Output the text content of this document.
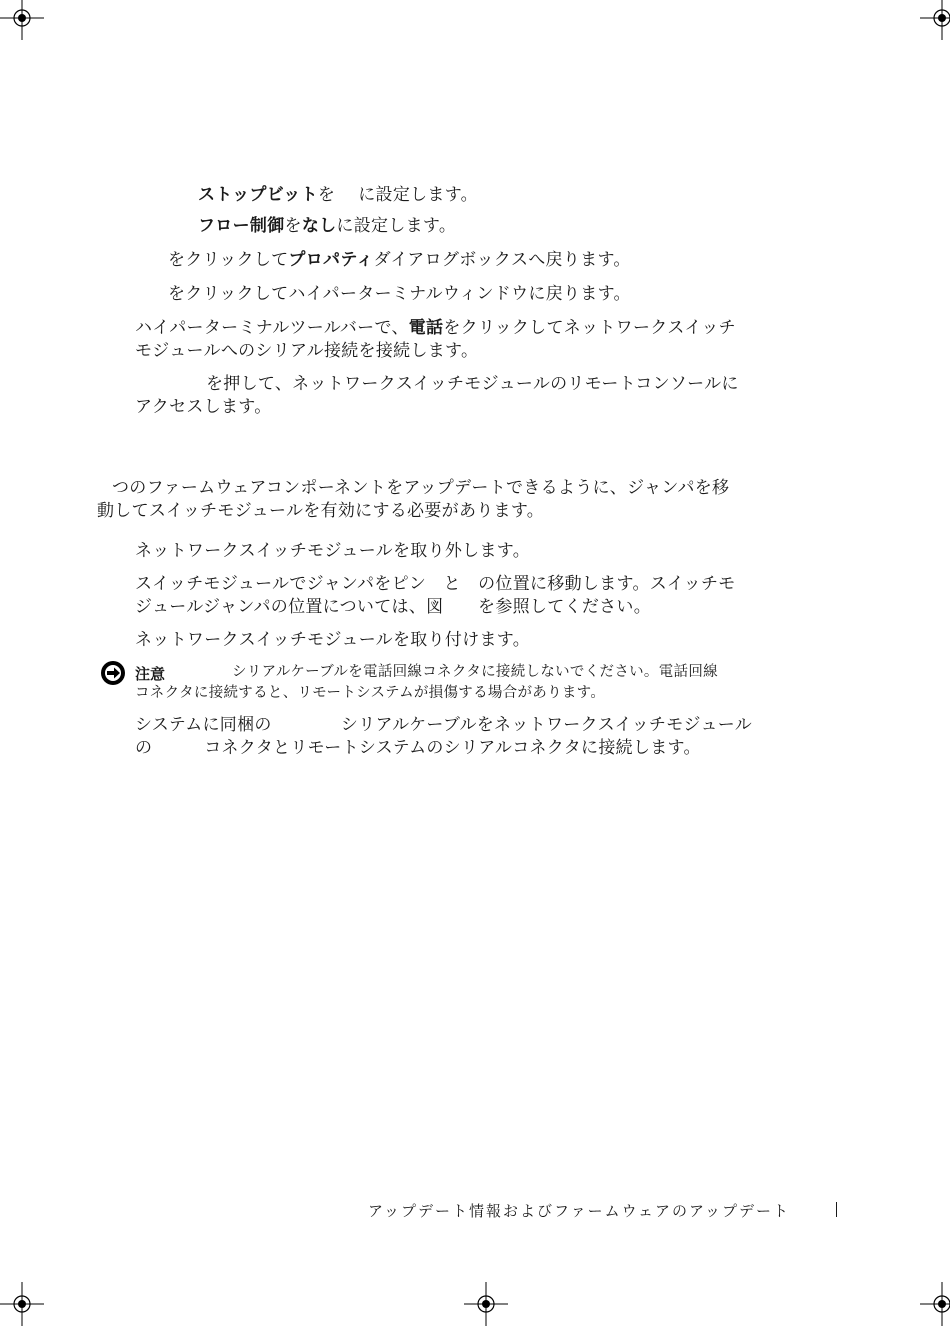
ストップビットを　 に設定します。
フロー制御をなしに設定します。
をクリックしてプロパティダイアログボックスへ戻ります。
をクリックしてハイパーターミナルウィンドウに戻ります。
ハイパーターミナルツールバーで、電話をクリックしてネットワークスイッチ
モジュールへのシリアル接続を接続します。
を押して、ネットワークスイッチモジュールのリモートコンソールに
アクセスします。
つのファームウェアコンポーネントをアップデートできるように、ジャンパを移
動してスイッチモジュールを有効にする必要があります。
ネットワークスイッチモジュールを取り外します。
スイッチモジュールでジャンパをピン　と　の位置に移動します。スイッチモ
ジュールジャンパの位置については、図　　を参照してください。
ネットワークスイッチモジュールを取り付けます。
注意	シリアルケーブルを電話回線コネクタに接続しないでください。電話回線
コネクタに接続すると、リモートシステムが損傷する場合があります。
システムに同梱の　　　　シリアルケーブルをネットワークスイッチモジュール
の　　　コネクタとリモートシステムのシリアルコネクタに接続します。
アップデート情報およびファームウェアのアップデート
